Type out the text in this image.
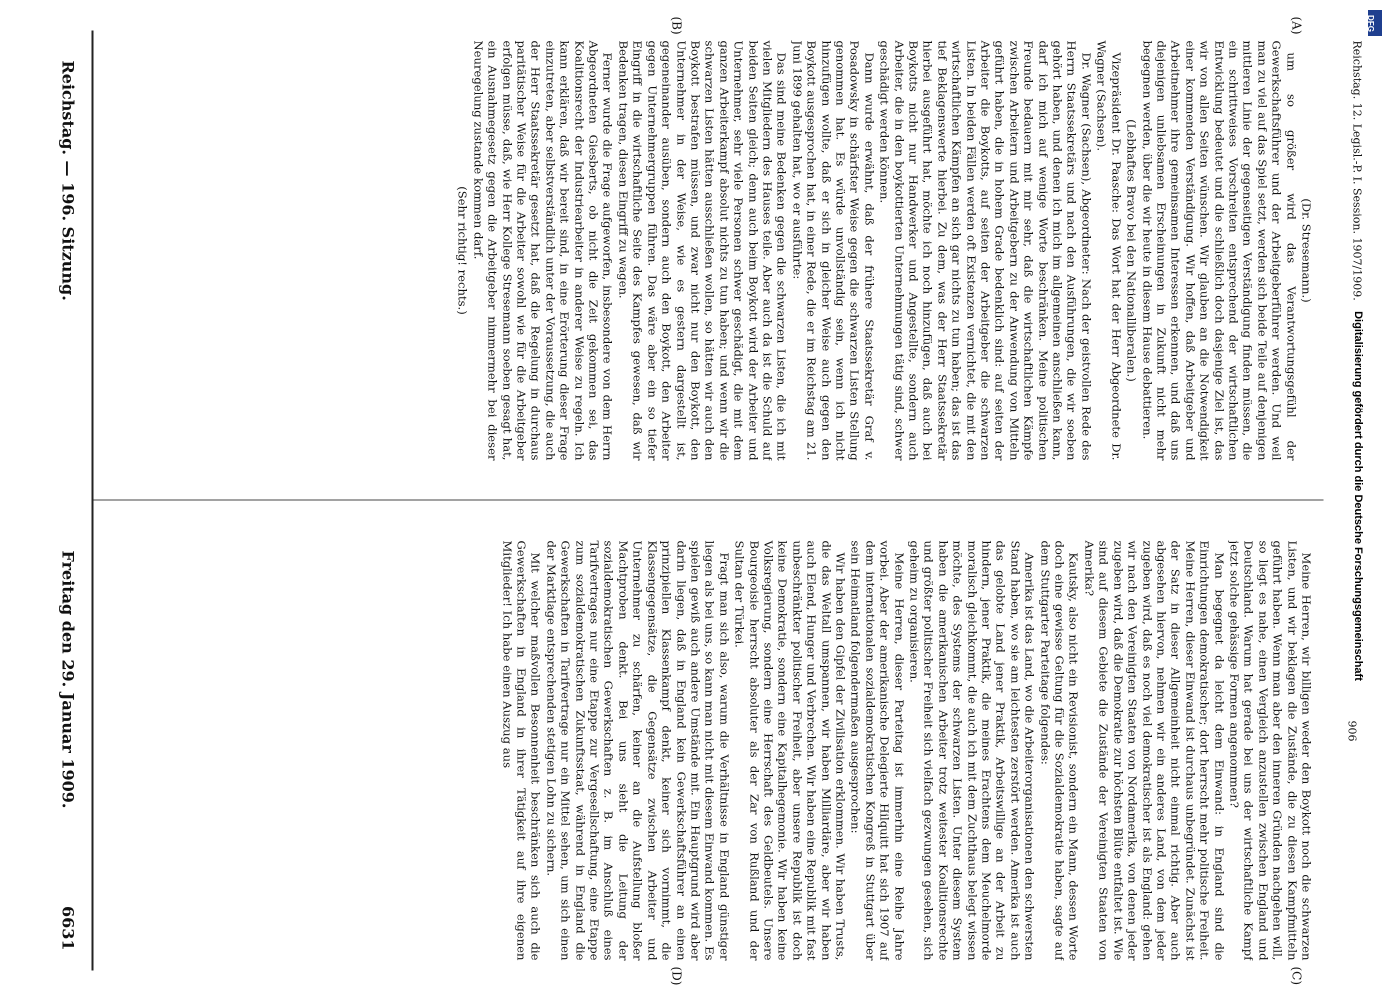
Reichstag. 12. Legisl.-P. I. Session. 1907/1909.
906
(A)
(B)
(C)
(D)

(Dr. Stresemann.)

um so größer wird das Verantwortungsgefühl der Gewerkschaftsführer und der Arbeitgeberführer werden. Und weil man zu viel auf das Spiel setzt, werden sich beide Teile auf denjenigen mittleren Linie der gegenseitigen Verständigung finden müssen, die ein schrittweises Vorschreiten entsprechend der wirtschaftlichen Entwicklung bedeutet und die schließlich doch dasjenige Ziel ist, das wir von allen Seiten wünschen. Wir glauben an die Notwendigkeit einer kommenden Verständigung. Wir hoffen, daß Arbeitgeber und Arbeitnehmer ihre gemeinsamen Interessen erkennen, und daß uns diejenigen unliebsamen Erscheinungen in Zukunft nicht mehr begegnen werden, über die wir heute in diesem Hause debattieren.

(Lebhaftes Bravo bei den Nationalliberalen.)

Vizepräsident Dr. Paasche: Das Wort hat der Herr Abgeordnete Dr. Wagner (Sachsen).

Dr. Wagner (Sachsen), Abgeordneter: Nach der geistvollen Rede des Herrn Staatssekretärs und nach den Ausführungen, die wir soeben gehört haben, und denen ich mich im allgemeinen anschließen kann, darf ich mich auf wenige Worte beschränken. Meine politischen Freunde bedauern mit mir sehr, daß die wirtschaftlichen Kämpfe zwischen Arbeitern und Arbeitgebern zu der Anwendung von Mitteln geführt haben, die in hohem Grade bedenklich sind: auf seiten der Arbeiter die Boykotts, auf seiten der Arbeitgeber die schwarzen Listen. In beiden Fällen werden oft Existenzen vernichtet, die mit den wirtschaftlichen Kämpfen an sich gar nichts zu tun haben; das ist das tief Beklagenswerte hierbei. Zu dem, was der Herr Staatssekretär hierbei ausgeführt hat, möchte ich noch hinzufügen, daß auch bei Boykotts nicht nur Handwerker und Angestellte, sondern auch Arbeiter, die in den boykottierten Unternehmungen tätig sind, schwer geschädigt werden können.

Dann wurde erwähnt, daß der frühere Staatssekretär Graf v. Posadowsky in schärfster Weise gegen die schwarzen Listen Stellung genommen hat. Es würde unvollständig sein, wenn ich nicht hinzufügen wollte, daß er sich in gleicher Weise auch gegen den Boykott ausgesprochen hat, in einer Rede, die er im Reichstag am 21. Juni 1899 gehalten hat, wo er ausführte:

Das sind meine Bedenken gegen die schwarzen Listen, die ich mit vielen Mitgliedern des Hauses teile. Aber auch da ist die Schuld auf beiden Seiten gleich; denn auch beim Boykott wird der Arbeiter und Unternehmer, sehr viele Personen schwer geschädigt, die mit dem ganzen Arbeiterkampf absolut nichts zu tun haben; und wenn wir die schwarzen Listen hätten ausschließen wollen, so hätten wir auch den Boykott bestrafen müssen, und zwar nicht nur den Boykott, den Unternehmer in der Weise, wie es gestern dargestellt ist, gegeneinander ausüben, sondern auch den Boykott, den Arbeiter gegen Unternehmergruppen führen. Das wäre aber ein so tiefer Eingriff in die wirtschaftliche Seite des Kampfes gewesen, daß wir Bedenken tragen, diesen Eingriff zu wagen.

Ferner wurde die Frage aufgeworfen, insbesondere von dem Herrn Abgeordneten Giesberts, ob nicht die Zeit gekommen sei, das Koalitionsrecht der Industriearbeiter in anderer Weise zu regeln. Ich kann erklären, daß wir bereit sind, in eine Erörterung dieser Frage einzutreten, aber selbstverständlich unter der Voraussetzung, die auch der Herr Staatssekretär gesetzt hat, daß die Regelung in durchaus paritätischer Weise für die Arbeiter sowohl wie für die Arbeitgeber erfolgen müsse, daß, wie Herr Kollege Stresemann soeben gesagt hat, ein Ausnahmegesetz gegen die Arbeitgeber nimmermehr bei dieser Neuregelung zustande kommen darf.

(Sehr richtig! rechts.)

Meine Herren, wir billigen weder den Boykott noch die schwarzen Listen, und wir beklagen die Zustände, die zu diesen Kampfmitteln geführt haben. Wenn man aber den inneren Gründen nachgehen will, so liegt es nahe, einen Vergleich anzustellen zwischen England und Deutschland. Warum hat gerade bei uns der wirtschaftliche Kampf jetzt solche gehässige Formen angenommen?

Man begegnet da leicht dem Einwand: in England sind die Einrichtungen demokratischer; dort herrscht mehr politische Freiheit. Meine Herren, dieser Einwand ist durchaus unbegründet. Zunächst ist der Satz in dieser Allgemeinheit nicht einmal richtig. Aber auch abgesehen hiervon, nehmen wir ein anderes Land, von dem jeder zugeben wird, daß es noch viel demokratischer ist als England: gehen wir nach den Vereinigten Staaten von Nordamerika, von denen jeder zugeben wird, daß die Demokratie zur höchsten Blüte entfaltet ist. Wie sind auf diesem Gebiete die Zustände der Vereinigten Staaten von Amerika?

Kautsky, also nicht ein Revisionist, sondern ein Mann, dessen Worte doch eine gewisse Geltung für die Sozialdemokratie haben, sagte auf dem Stuttgarter Parteitage folgendes:

Amerika ist das Land, wo die Arbeiterorganisationen den schwersten Stand haben, wo sie am leichtesten zerstört werden. Amerika ist auch das gelobte Land jener Praktik, Arbeitswillige an der Arbeit zu hindern, jener Praktik, die meines Erachtens dem Meuchelmorde moralisch gleichkommt, die auch ich mit dem Zuchthaus belegt wissen möchte, des Systems der schwarzen Listen. Unter diesem System haben die amerikanischen Arbeiter trotz weitester Koalitionsrechte und größter politischer Freiheit sich vielfach gezwungen gesehen, sich geheim zu organisieren.

Meine Herren, dieser Parteitag ist immerhin eine Reihe Jahre vorbei. Aber der amerikanische Delegierte Hilquitt hat sich 1907 auf dem internationalen sozialdemokratischen Kongreß in Stuttgart über sein Heimatland folgendermaßen ausgesprochen:

Wir haben den Gipfel der Zivilisation erklommen. Wir haben Trusts, die das Weltall umspannen, wir haben Milliardäre, aber wir haben auch Elend, Hunger und Verbrechen. Wir haben eine Republik mit fast unbeschränkter politischer Freiheit, aber unsere Republik ist doch keine Demokratie, sondern eine Kapitalhegemonie. Wir haben keine Volksregierung, sondern eine Herrschaft des Geldbeutels. Unsere Bourgeoisie herrscht absoluter als der Zar von Rußland und der Sultan der Türkei.

Fragt man sich also, warum die Verhältnisse in England günstiger liegen als bei uns, so kann man nicht mit diesem Einwand kommen. Es spielen gewiß auch andere Umstände mit. Ein Hauptgrund wird aber darin liegen, daß in England kein Gewerkschaftsführer an einen prinzipiellen Klassenkampf denkt, keiner sich vornimmt, die Klassengegensätze, die Gegensätze zwischen Arbeiter und Unternehmer zu schärfen, keiner an die Aufstellung bloßer Machtproben denkt. Bei uns sieht die Leitung der sozialdemokratischen Gewerkschaften z. B. im Anschluß eines Tarifvertrages nur eine Etappe zur Vergesellschaftung, eine Etappe zum sozialdemokratischen Zukunftsstaat, während in England die Gewerkschaften in Tarifvertrage nur ein Mittel sehen, um sich einen der Marktlage entsprechenden stetigen Lohn zu sichern.

Mit welcher maßvollen Besonnenheit beschränken sich auch die Gewerkschaften in England in ihrer Tätigkeit auf ihre eigenen Mitglieder! Ich habe einen Auszug aus

Reichstag. — 196. Sitzung.
Freitag den 29. Januar 1909.
6631
Digitalisierung gefördert durch die Deutsche Forschungsgemeinschaft
DFG
